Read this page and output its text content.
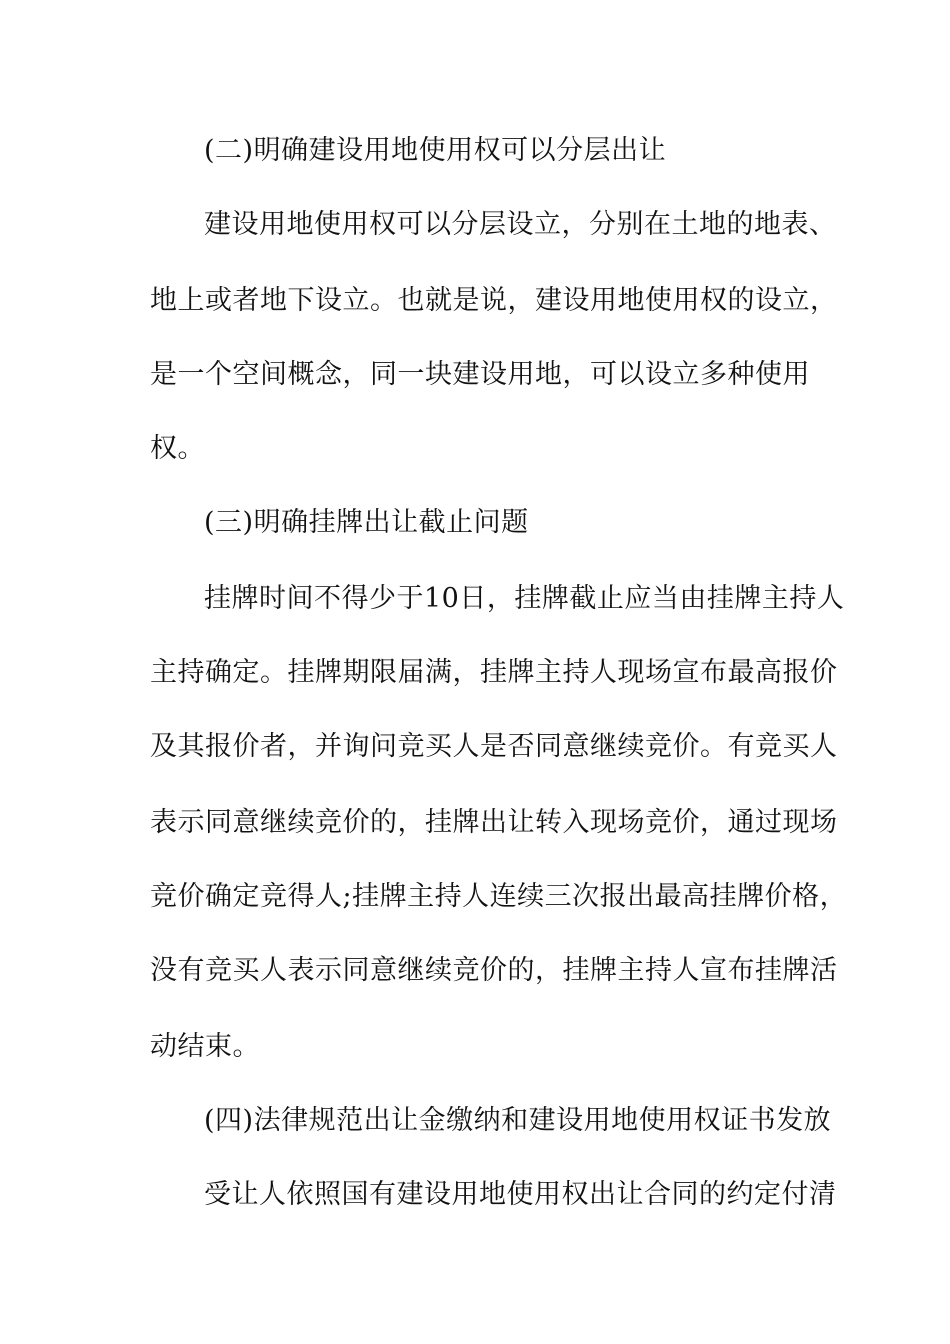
(二)明确建设用地使用权可以分层出让
建设用地使用权可以分层设立，分别在土地的地表、
地上或者地下设立。也就是说，建设用地使用权的设立，
是一个空间概念，同一块建设用地，可以设立多种使用
权。
(三)明确挂牌出让截止问题
挂牌时间不得少于10日，挂牌截止应当由挂牌主持人
主持确定。挂牌期限届满，挂牌主持人现场宣布最高报价
及其报价者，并询问竞买人是否同意继续竞价。有竞买人
表示同意继续竞价的，挂牌出让转入现场竞价，通过现场
竞价确定竞得人;挂牌主持人连续三次报出最高挂牌价格，
没有竞买人表示同意继续竞价的，挂牌主持人宣布挂牌活
动结束。
(四)法律规范出让金缴纳和建设用地使用权证书发放
受让人依照国有建设用地使用权出让合同的约定付清
